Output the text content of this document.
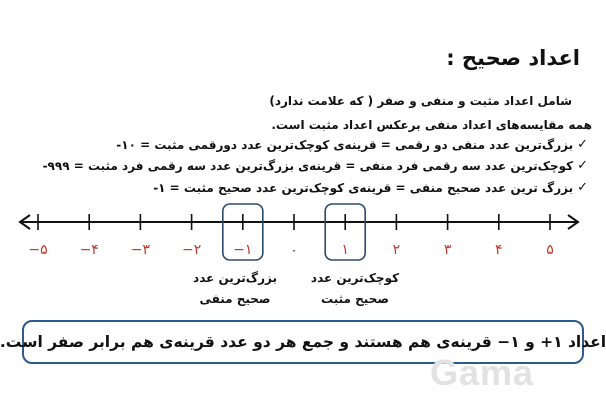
اعداد صحیح :
شامل اعداد مثبت و منفی و صفر ( که علامت ندارد)
همه مقایسه‌های اعداد منفی برعکس اعداد مثبت است.
✓
بزرگ‌ترین عدد منفی دو رقمی = قرینه‌ی کوچک‌ترین عدد دورقمی مثبت = ۱۰-
✓
کوچک‌ترین عدد سه رقمی فرد منفی = قرینه‌ی بزرگ‌ترین عدد سه رقمی فرد مثبت = ۹۹۹-
✓
بزرگ ترین عدد صحیح منفی = قرینه‌ی کوچک‌ترین عدد صحیح مثبت = ۱-
−۵ −۴ −۳ −۲ −۱	۰	۱	۲	۳	۴	۵
بزرگ‌ترین عدد
صحیح منفی
کوچک‌ترین عدد
صحیح مثبت
اعداد ۱+ و ۱− قرینه‌ی هم هستند و جمع هر دو عدد قرینه‌ی هم برابر صفر است.
Gama
